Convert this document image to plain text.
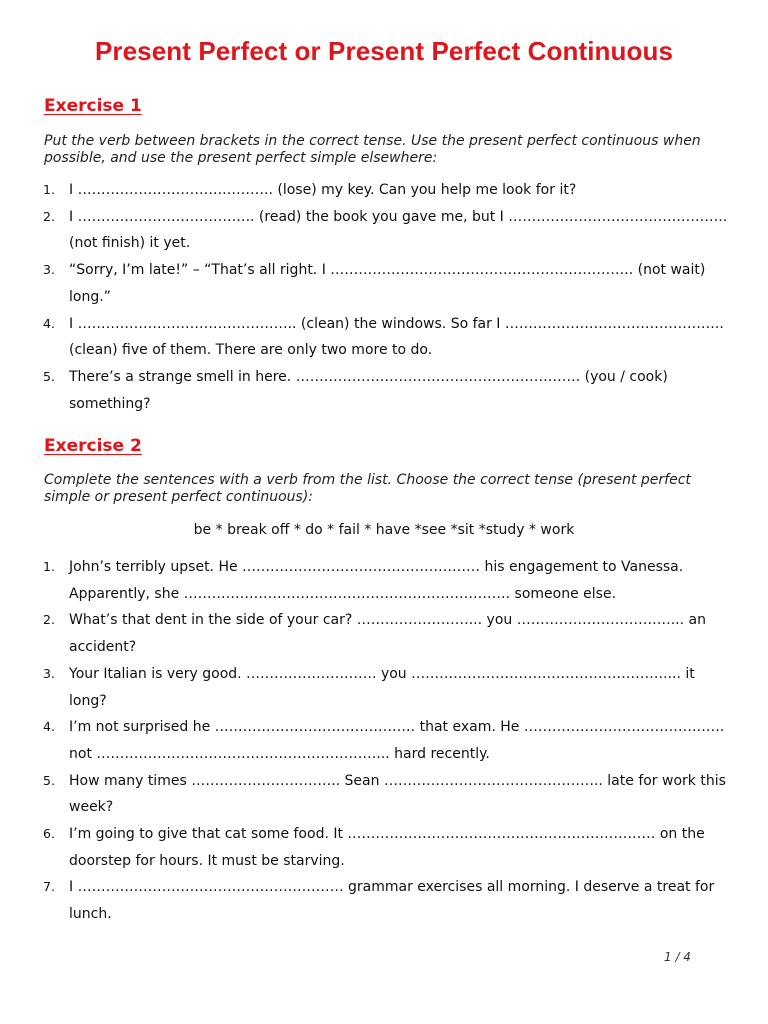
Present Perfect or Present Perfect Continuous
Exercise 1

Put the verb between brackets in the correct tense. Use the present perfect continuous when possible, and use the present perfect simple elsewhere:

1.	I ………………………….……….. (lose) my key. Can you help me look for it?
2.	I ……………………………….. (read) the book you gave me, but I ……………………………………….. (not finish) it yet.
3.	“Sorry, I’m late!” – “That’s all right. I ……………………………………………………….. (not wait) long.”
4.	I ……………………………………….. (clean) the windows. So far I ……………………………………….. (clean) five of them. There are only two more to do.
5.	There’s a strange smell in here. ……………………………………………………. (you / cook) something?
Exercise 2

Complete the sentences with a verb from the list. Choose the correct tense (present perfect simple or present perfect continuous):

be * break off * do * fail * have *see *sit *study * work

1.	John’s terribly upset. He …………………………………………… his engagement to Vanessa. Apparently, she ……………………………………………………………. someone else.
2.	What’s that dent in the side of your car? ……………………... you ……………………………... an accident?
3.	Your Italian is very good. ………………………. you ……………………………………………….... it long?
4.	I’m not surprised he ……………………………………. that exam. He ……………………………………. not ……………………………………………………... hard recently.
5.	How many times ………………………….. Sean ……………………………………….. late for work this week?
6.	I’m going to give that cat some food. It ………………………………………………………… on the doorstep for hours. It must be starving.
7.	I ………………………………………………… grammar exercises all morning. I deserve a treat for lunch.

1 / 4
